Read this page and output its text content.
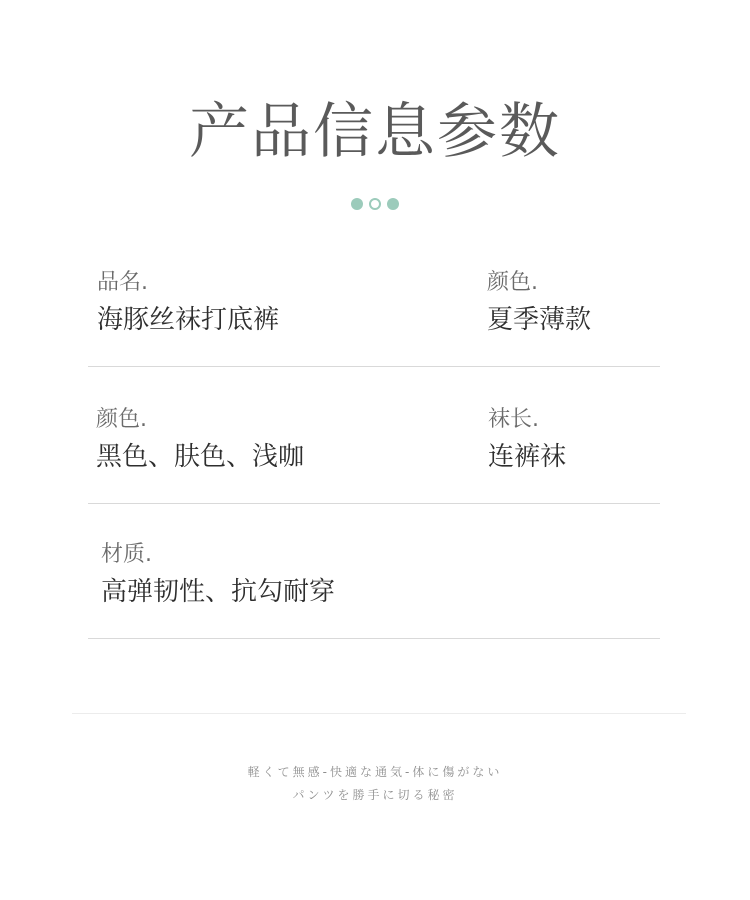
产品信息参数
品名.
海豚丝袜打底裤
颜色.
夏季薄款
颜色.
黑色、肤色、浅咖
袜长.
连裤袜
材质.
高弹韧性、抗勾耐穿
軽くて無感-快適な通気-体に傷がない
パンツを勝手に切る秘密
